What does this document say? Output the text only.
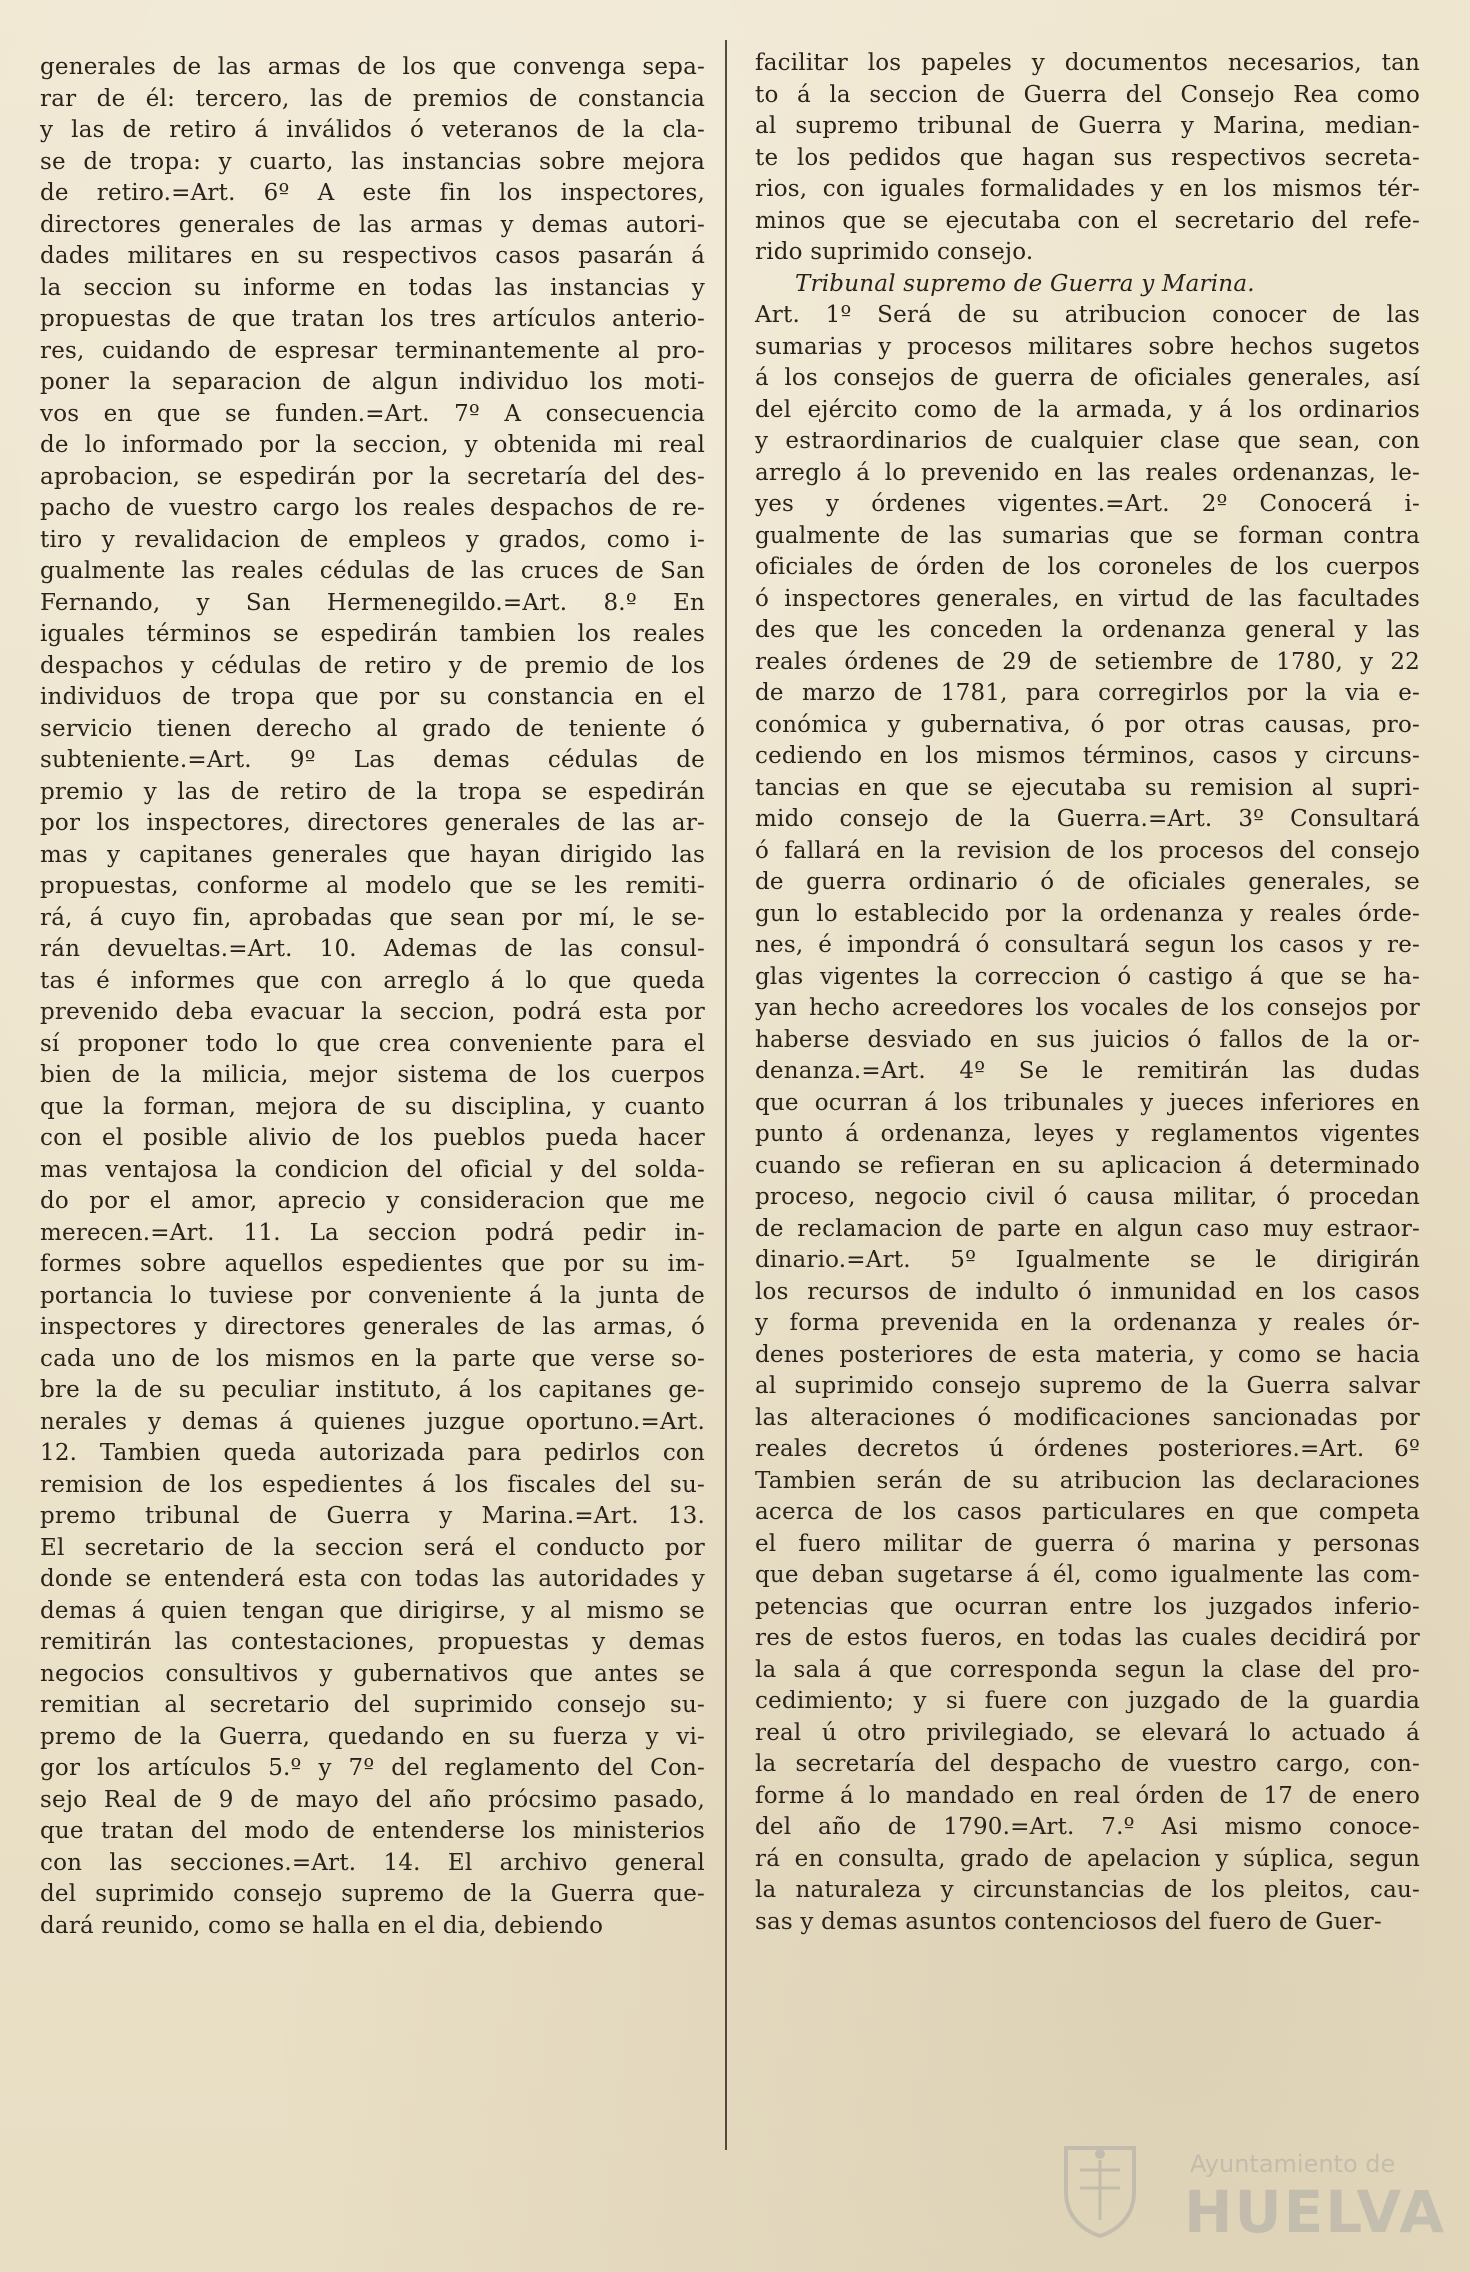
generales de las armas de los que convenga sepa-
rar de él: tercero, las de premios de constancia
y las de retiro á inválidos ó veteranos de la cla-
se de tropa: y cuarto, las instancias sobre mejora
de retiro.=Art. 6º A este fin los inspectores,
directores generales de las armas y demas autori-
dades militares en su respectivos casos pasarán á
la seccion su informe en todas las instancias y
propuestas de que tratan los tres artículos anterio-
res, cuidando de espresar terminantemente al pro-
poner la separacion de algun individuo los moti-
vos en que se funden.=Art. 7º A consecuencia
de lo informado por la seccion, y obtenida mi real
aprobacion, se espedirán por la secretaría del des-
pacho de vuestro cargo los reales despachos de re-
tiro y revalidacion de empleos y grados, como i-
gualmente las reales cédulas de las cruces de San
Fernando, y San Hermenegildo.=Art. 8.º En
iguales términos se espedirán tambien los reales
despachos y cédulas de retiro y de premio de los
individuos de tropa que por su constancia en el
servicio tienen derecho al grado de teniente ó
subteniente.=Art. 9º Las demas cédulas de
premio y las de retiro de la tropa se espedirán
por los inspectores, directores generales de las ar-
mas y capitanes generales que hayan dirigido las
propuestas, conforme al modelo que se les remiti-
rá, á cuyo fin, aprobadas que sean por mí, le se-
rán devueltas.=Art. 10. Ademas de las consul-
tas é informes que con arreglo á lo que queda
prevenido deba evacuar la seccion, podrá esta por
sí proponer todo lo que crea conveniente para el
bien de la milicia, mejor sistema de los cuerpos
que la forman, mejora de su disciplina, y cuanto
con el posible alivio de los pueblos pueda hacer
mas ventajosa la condicion del oficial y del solda-
do por el amor, aprecio y consideracion que me
merecen.=Art. 11. La seccion podrá pedir in-
formes sobre aquellos espedientes que por su im-
portancia lo tuviese por conveniente á la junta de
inspectores y directores generales de las armas, ó
cada uno de los mismos en la parte que verse so-
bre la de su peculiar instituto, á los capitanes ge-
nerales y demas á quienes juzgue oportuno.=Art.
12. Tambien queda autorizada para pedirlos con
remision de los espedientes á los fiscales del su-
premo tribunal de Guerra y Marina.=Art. 13.
El secretario de la seccion será el conducto por
donde se entenderá esta con todas las autoridades y
demas á quien tengan que dirigirse, y al mismo se
remitirán las contestaciones, propuestas y demas
negocios consultivos y gubernativos que antes se
remitian al secretario del suprimido consejo su-
premo de la Guerra, quedando en su fuerza y vi-
gor los artículos 5.º y 7º del reglamento del Con-
sejo Real de 9 de mayo del año prócsimo pasado,
que tratan del modo de entenderse los ministerios
con las secciones.=Art. 14. El archivo general
del suprimido consejo supremo de la Guerra que-
dará reunido, como se halla en el dia, debiendo
facilitar los papeles y documentos necesarios, tan
to á la seccion de Guerra del Consejo Rea como
al supremo tribunal de Guerra y Marina, median-
te los pedidos que hagan sus respectivos secreta-
rios, con iguales formalidades y en los mismos tér-
minos que se ejecutaba con el secretario del refe-
rido suprimido consejo.
Tribunal supremo de Guerra y Marina.
Art. 1º Será de su atribucion conocer de las
sumarias y procesos militares sobre hechos sugetos
á los consejos de guerra de oficiales generales, así
del ejército como de la armada, y á los ordinarios
y estraordinarios de cualquier clase que sean, con
arreglo á lo prevenido en las reales ordenanzas, le-
yes y órdenes vigentes.=Art. 2º Conocerá i-
gualmente de las sumarias que se forman contra
oficiales de órden de los coroneles de los cuerpos
ó inspectores generales, en virtud de las facultades
des que les conceden la ordenanza general y las
reales órdenes de 29 de setiembre de 1780, y 22
de marzo de 1781, para corregirlos por la via e-
conómica y gubernativa, ó por otras causas, pro-
cediendo en los mismos términos, casos y circuns-
tancias en que se ejecutaba su remision al supri-
mido consejo de la Guerra.=Art. 3º Consultará
ó fallará en la revision de los procesos del consejo
de guerra ordinario ó de oficiales generales, se
gun lo establecido por la ordenanza y reales órde-
nes, é impondrá ó consultará segun los casos y re-
glas vigentes la correccion ó castigo á que se ha-
yan hecho acreedores los vocales de los consejos por
haberse desviado en sus juicios ó fallos de la or-
denanza.=Art. 4º Se le remitirán las dudas
que ocurran á los tribunales y jueces inferiores en
punto á ordenanza, leyes y reglamentos vigentes
cuando se refieran en su aplicacion á determinado
proceso, negocio civil ó causa militar, ó procedan
de reclamacion de parte en algun caso muy estraor-
dinario.=Art. 5º Igualmente se le dirigirán
los recursos de indulto ó inmunidad en los casos
y forma prevenida en la ordenanza y reales ór-
denes posteriores de esta materia, y como se hacia
al suprimido consejo supremo de la Guerra salvar
las alteraciones ó modificaciones sancionadas por
reales decretos ú órdenes posteriores.=Art. 6º
Tambien serán de su atribucion las declaraciones
acerca de los casos particulares en que competa
el fuero militar de guerra ó marina y personas
que deban sugetarse á él, como igualmente las com-
petencias que ocurran entre los juzgados inferio-
res de estos fueros, en todas las cuales decidirá por
la sala á que corresponda segun la clase del pro-
cedimiento; y si fuere con juzgado de la guardia
real ú otro privilegiado, se elevará lo actuado á
la secretaría del despacho de vuestro cargo, con-
forme á lo mandado en real órden de 17 de enero
del año de 1790.=Art. 7.º Asi mismo conoce-
rá en consulta, grado de apelacion y súplica, segun
la naturaleza y circunstancias de los pleitos, cau-
sas y demas asuntos contenciosos del fuero de Guer-
Ayuntamiento de
HUELVA
